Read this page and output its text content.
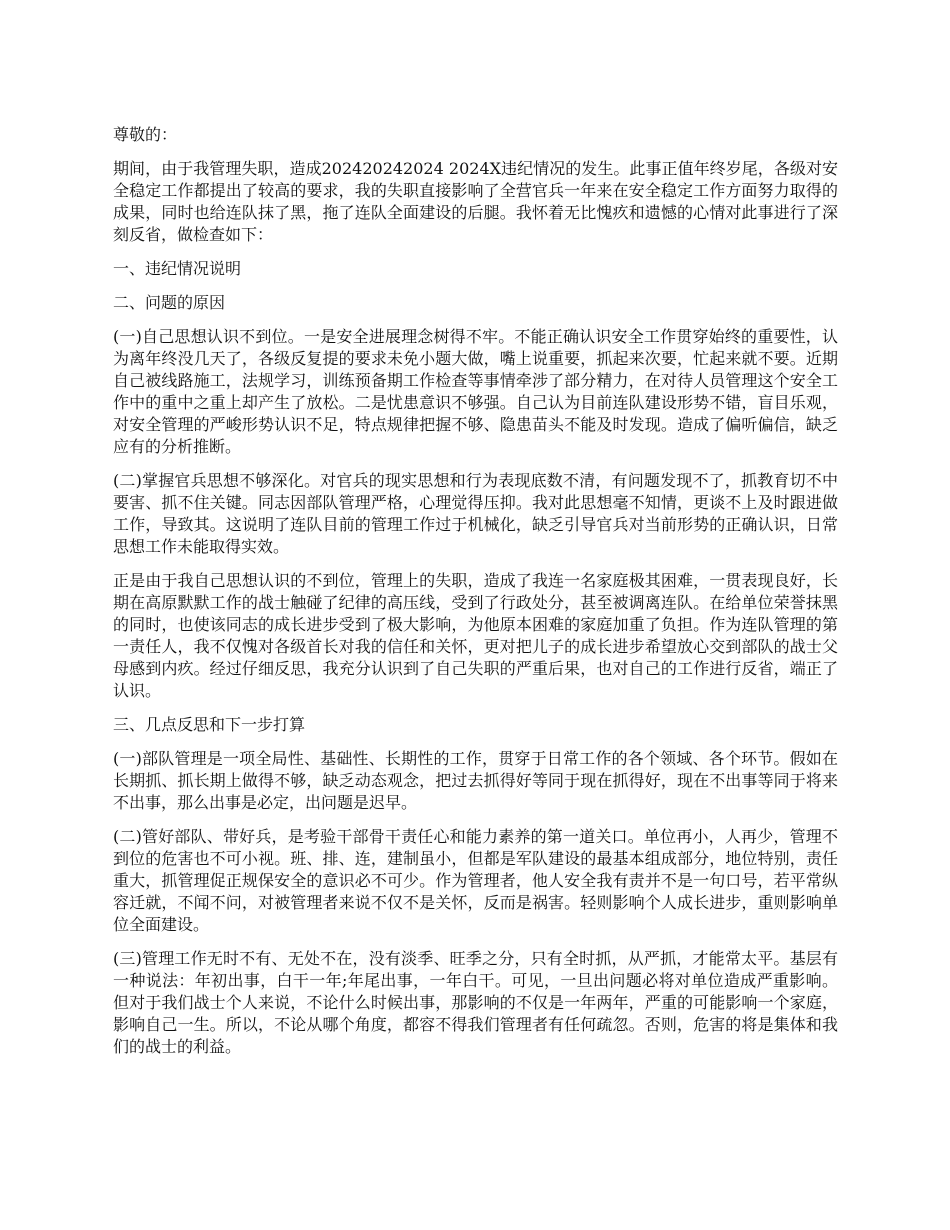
尊敬的：

期间，由于我管理失职，造成202420242024 2024X违纪情况的发生。此事正值年终岁尾，各级对安全稳定工作都提出了较高的要求，我的失职直接影响了全营官兵一年来在安全稳定工作方面努力取得的成果，同时也给连队抹了黑，拖了连队全面建设的后腿。我怀着无比愧疚和遗憾的心情对此事进行了深刻反省，做检查如下：

一、违纪情况说明

二、问题的原因

(一)自己思想认识不到位。一是安全进展理念树得不牢。不能正确认识安全工作贯穿始终的重要性，认为离年终没几天了，各级反复提的要求未免小题大做，嘴上说重要，抓起来次要，忙起来就不要。近期自己被线路施工，法规学习，训练预备期工作检查等事情牵涉了部分精力，在对待人员管理这个安全工作中的重中之重上却产生了放松。二是忧患意识不够强。自己认为目前连队建设形势不错，盲目乐观，对安全管理的严峻形势认识不足，特点规律把握不够、隐患苗头不能及时发现。造成了偏听偏信，缺乏应有的分析推断。

(二)掌握官兵思想不够深化。对官兵的现实思想和行为表现底数不清，有问题发现不了，抓教育切不中要害、抓不住关键。同志因部队管理严格，心理觉得压抑。我对此思想毫不知情，更谈不上及时跟进做工作，导致其。这说明了连队目前的管理工作过于机械化，缺乏引导官兵对当前形势的正确认识，日常思想工作未能取得实效。

正是由于我自己思想认识的不到位，管理上的失职，造成了我连一名家庭极其困难，一贯表现良好，长期在高原默默工作的战士触碰了纪律的高压线，受到了行政处分，甚至被调离连队。在给单位荣誉抹黑的同时，也使该同志的成长进步受到了极大影响，为他原本困难的家庭加重了负担。作为连队管理的第一责任人，我不仅愧对各级首长对我的信任和关怀，更对把儿子的成长进步希望放心交到部队的战士父母感到内疚。经过仔细反思，我充分认识到了自己失职的严重后果，也对自己的工作进行反省，端正了认识。

三、几点反思和下一步打算

(一)部队管理是一项全局性、基础性、长期性的工作，贯穿于日常工作的各个领域、各个环节。假如在长期抓、抓长期上做得不够，缺乏动态观念，把过去抓得好等同于现在抓得好，现在不出事等同于将来不出事，那么出事是必定，出问题是迟早。

(二)管好部队、带好兵，是考验干部骨干责任心和能力素养的第一道关口。单位再小，人再少，管理不到位的危害也不可小视。班、排、连，建制虽小，但都是军队建设的最基本组成部分，地位特别，责任重大，抓管理促正规保安全的意识必不可少。作为管理者，他人安全我有责并不是一句口号，若平常纵容迁就，不闻不问，对被管理者来说不仅不是关怀，反而是祸害。轻则影响个人成长进步，重则影响单位全面建设。

(三)管理工作无时不有、无处不在，没有淡季、旺季之分，只有全时抓，从严抓，才能常太平。基层有一种说法：年初出事，白干一年;年尾出事，一年白干。可见，一旦出问题必将对单位造成严重影响。但对于我们战士个人来说，不论什么时候出事，那影响的不仅是一年两年，严重的可能影响一个家庭，影响自己一生。所以，不论从哪个角度，都容不得我们管理者有任何疏忽。否则，危害的将是集体和我们的战士的利益。
